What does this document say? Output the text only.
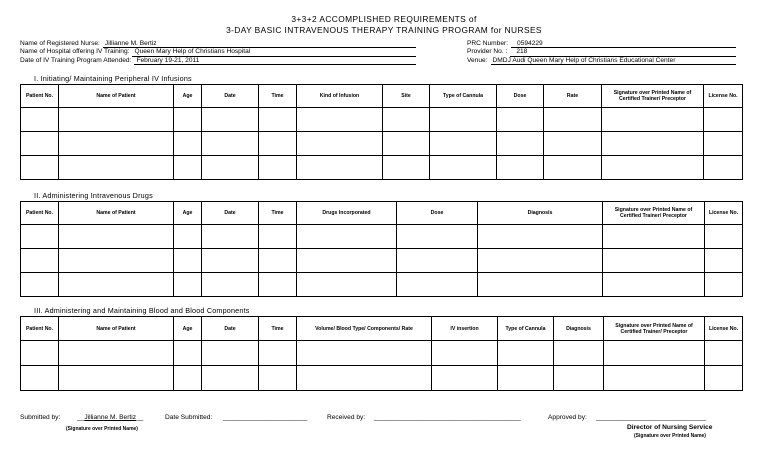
3+3+2 ACCOMPLISHED REQUIREMENTS of
3-DAY BASIC INTRAVENOUS THERAPY TRAINING PROGRAM for NURSES
Name of Registered Nurse: Jillianne M. Bertiz
Name of Hospital offering IV Training: Queen Mary Help of Christians Hospital
Date of IV Training Program Attended: February 19-21, 2011
PRC Number:	0594229
Provider No. :	218
Venue: DMDJ Audi Queen Mary Help of Christians Educational Center
I. Initiating/ Maintaining Peripheral IV Infusions
Patient No.	Name of Patient	Age	Date	Time	Kind of Infusion	Site	Type of Cannula	Dose	Rate	Signature over Printed Name of Certified Trainer/ Preceptor	License No.

II. Administering Intravenous Drugs
Patient No.	Name of Patient	Age	Date	Time	Drugs Incorporated	Dose	Diagnosis	Signature over Printed Name of Certified Trainer/ Preceptor	License No.

III. Administering and Maintaining Blood and Blood Components
Patient No.	Name of Patient	Age	Date	Time	Volume/ Blood Type/ Components/ Rate	IV insertion	Type of Cannula	Diagnosis	Signature over Printed Name of Certified Trainer/ Preceptor	License No.

Submitted by:	__Jillianne M. Bertiz__	Date Submitted: _______________________	Received by: ________________________________________	Approved by: ______________________________
(Signature over Printed Name)	Director of Nursing Service
(Signature over Printed Name)
